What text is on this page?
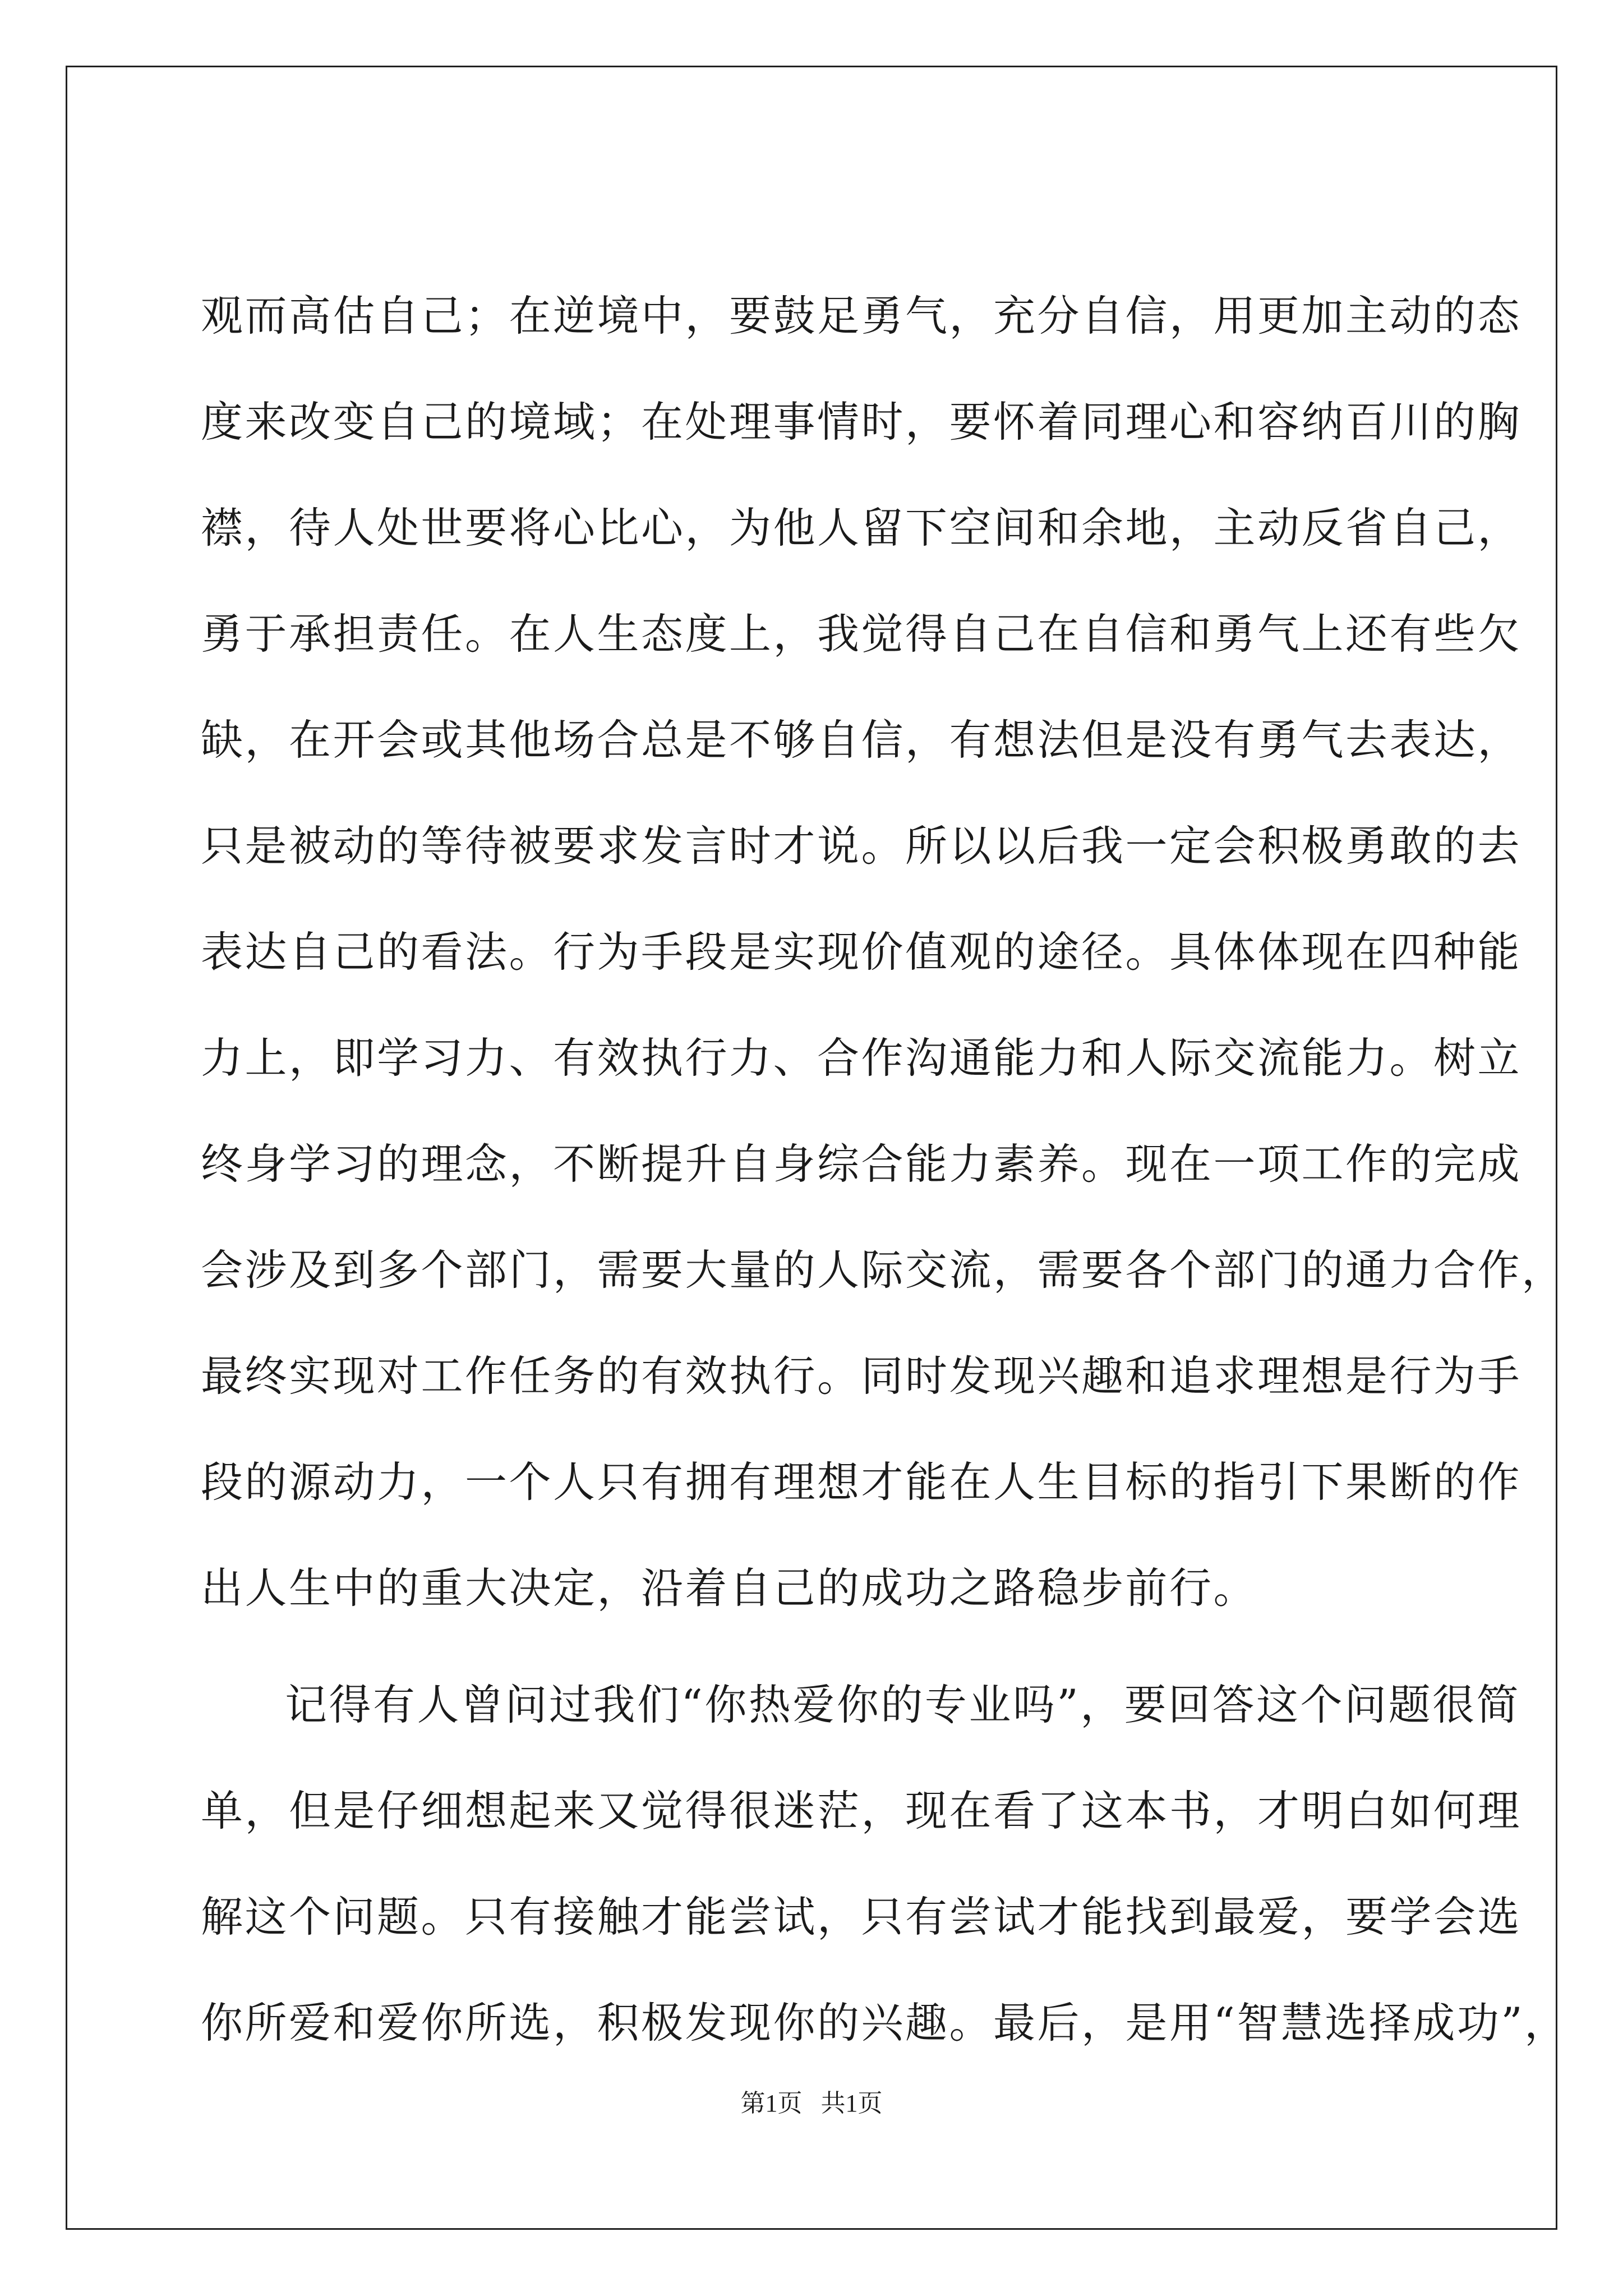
观而高估自己；在逆境中，要鼓足勇气，充分自信，用更加主动的态
度来改变自己的境域；在处理事情时，要怀着同理心和容纳百川的胸
襟，待人处世要将心比心，为他人留下空间和余地，主动反省自己，
勇于承担责任。在人生态度上，我觉得自己在自信和勇气上还有些欠
缺，在开会或其他场合总是不够自信，有想法但是没有勇气去表达，
只是被动的等待被要求发言时才说。所以以后我一定会积极勇敢的去
表达自己的看法。行为手段是实现价值观的途径。具体体现在四种能
力上，即学习力、有效执行力、合作沟通能力和人际交流能力。树立
终身学习的理念，不断提升自身综合能力素养。现在一项工作的完成
会涉及到多个部门，需要大量的人际交流，需要各个部门的通力合作，
最终实现对工作任务的有效执行。同时发现兴趣和追求理想是行为手
段的源动力，一个人只有拥有理想才能在人生目标的指引下果断的作
出人生中的重大决定，沿着自己的成功之路稳步前行。
记得有人曾问过我们“你热爱你的专业吗”，要回答这个问题很简
单，但是仔细想起来又觉得很迷茫，现在看了这本书，才明白如何理
解这个问题。只有接触才能尝试，只有尝试才能找到最爱，要学会选
你所爱和爱你所选，积极发现你的兴趣。最后，是用“智慧选择成功”，
第1页   共1页
